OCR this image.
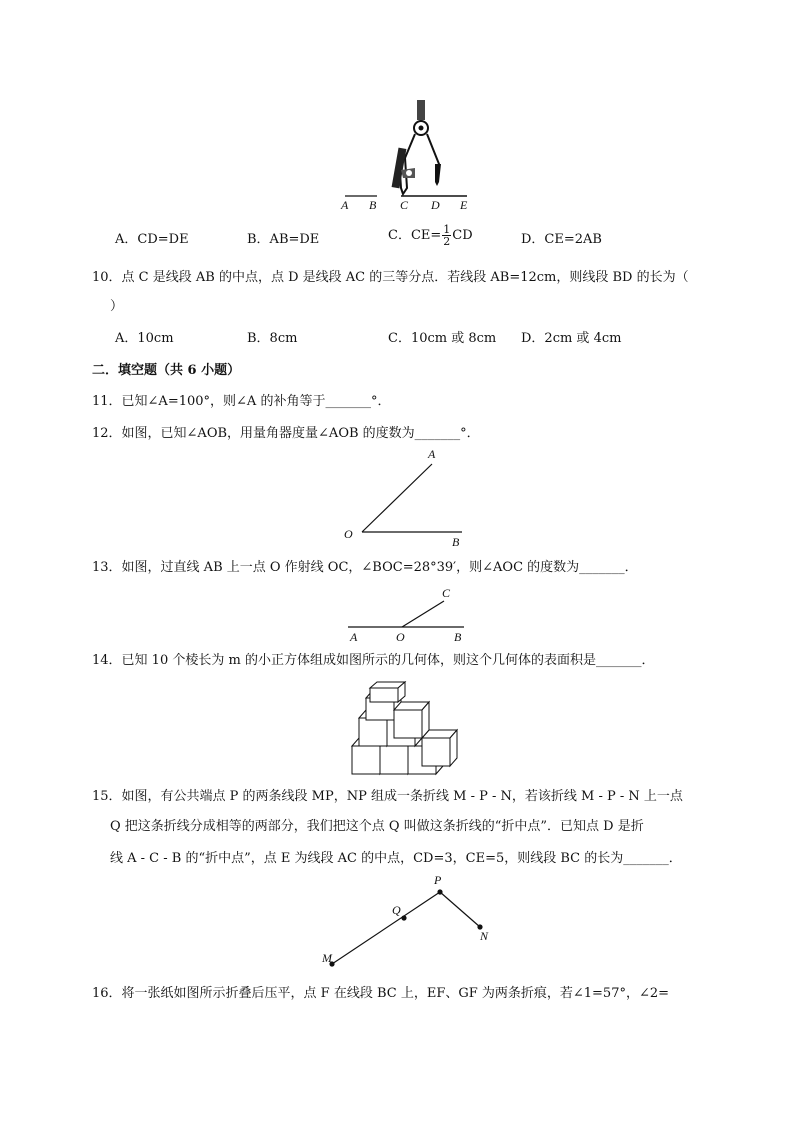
A B C D E
A．CD=DE	B．AB=DE	C．$CE= \frac{1}{2}$ CD	D．CE=2AB
10．点 C 是线段 AB 的中点，点 D 是线段 AC 的三等分点．若线段 AB=12cm，则线段 BD 的长为（
）
A．10cm	B．8cm	C．10cm 或 8cm D．2cm 或 4cm
二．填空题（共 6 小题）
11．已知∠A=100°，则∠A 的补角等于_______°．
12．如图，已知∠AOB，用量角器度量∠AOB 的度数为_______°．
A
O
B
13．如图，过直线 AB 上一点 O 作射线 OC，∠BOC=28°39′，则∠AOC 的度数为_______．
C
A	O	B
14．已知 10 个棱长为 m 的小正方体组成如图所示的几何体，则这个几何体的表面积是_______．
15．如图，有公共端点 P 的两条线段 MP，NP 组成一条折线 M - P - N，若该折线 M - P - N 上一点
Q 把这条折线分成相等的两部分，我们把这个点 Q 叫做这条折线的“折中点”．已知点 D 是折
线 A - C - B 的“折中点”，点 E 为线段 AC 的中点，CD=3，CE=5，则线段 BC 的长为_______．
P
Q
N
M
16．将一张纸如图所示折叠后压平，点 F 在线段 BC 上，EF、GF 为两条折痕，若∠1=57°，∠2=
